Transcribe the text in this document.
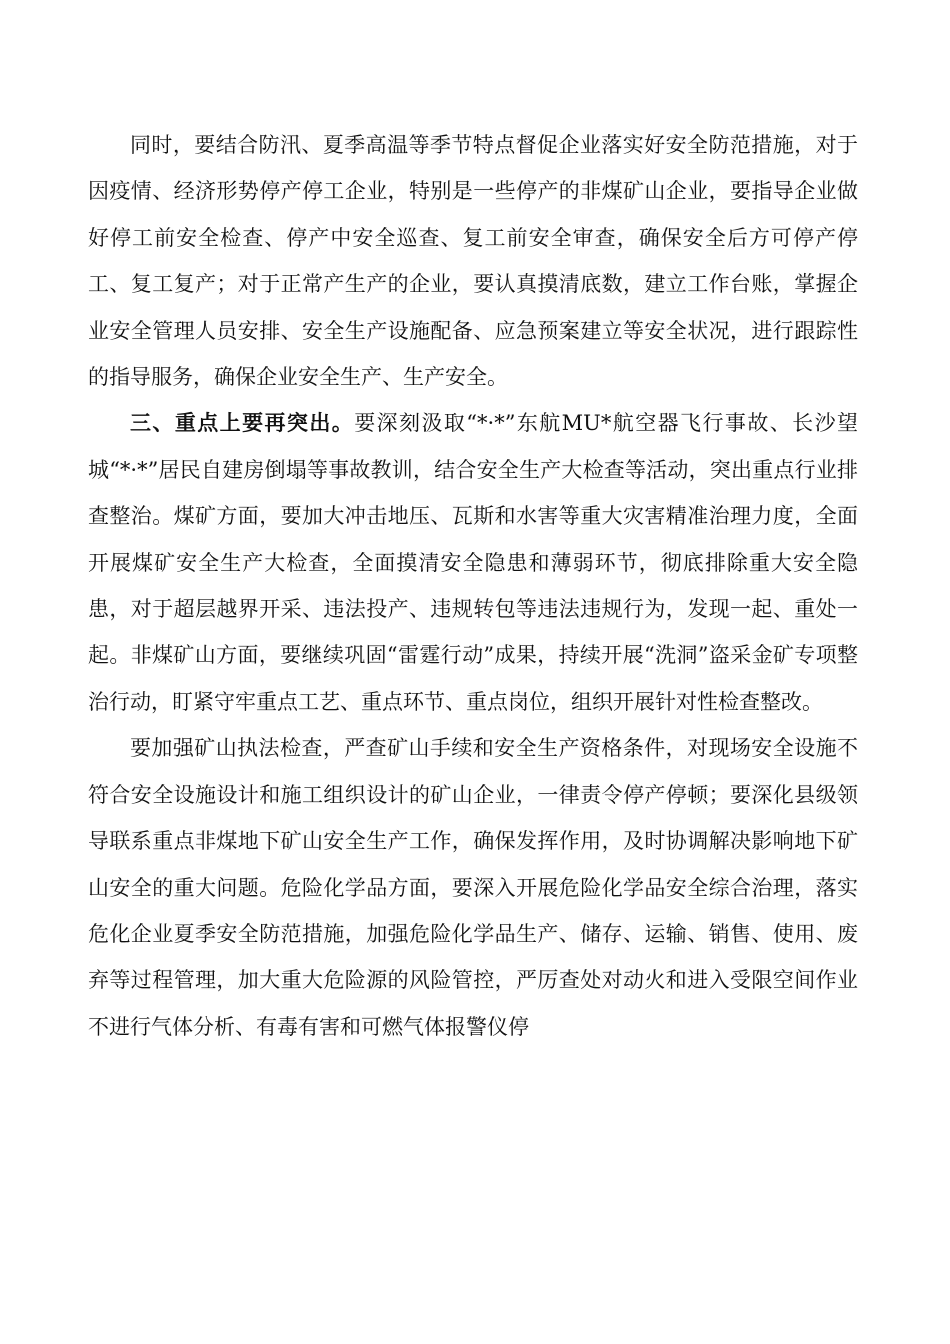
同时，要结合防汛、夏季高温等季节特点督促企业落实好安全防范措施，对于因疫情、经济形势停产停工企业，特别是一些停产的非煤矿山企业，要指导企业做好停工前安全检查、停产中安全巡查、复工前安全审查，确保安全后方可停产停工、复工复产；对于正常产生产的企业，要认真摸清底数，建立工作台账，掌握企业安全管理人员安排、安全生产设施配备、应急预案建立等安全状况，进行跟踪性的指导服务，确保企业安全生产、生产安全。

三、重点上要再突出。要深刻汲取“*·*”东航MU*航空器飞行事故、长沙望城“*·*”居民自建房倒塌等事故教训，结合安全生产大检查等活动，突出重点行业排查整治。煤矿方面，要加大冲击地压、瓦斯和水害等重大灾害精准治理力度，全面开展煤矿安全生产大检查，全面摸清安全隐患和薄弱环节，彻底排除重大安全隐患，对于超层越界开采、违法投产、违规转包等违法违规行为，发现一起、重处一起。非煤矿山方面，要继续巩固“雷霆行动”成果，持续开展“洗洞”盗采金矿专项整治行动，盯紧守牢重点工艺、重点环节、重点岗位，组织开展针对性检查整改。

要加强矿山执法检查，严查矿山手续和安全生产资格条件，对现场安全设施不符合安全设施设计和施工组织设计的矿山企业，一律责令停产停顿；要深化县级领导联系重点非煤地下矿山安全生产工作，确保发挥作用，及时协调解决影响地下矿山安全的重大问题。危险化学品方面，要深入开展危险化学品安全综合治理，落实危化企业夏季安全防范措施，加强危险化学品生产、储存、运输、销售、使用、废弃等过程管理，加大重大危险源的风险管控，严厉查处对动火和进入受限空间作业不进行气体分析、有毒有害和可燃气体报警仪停
